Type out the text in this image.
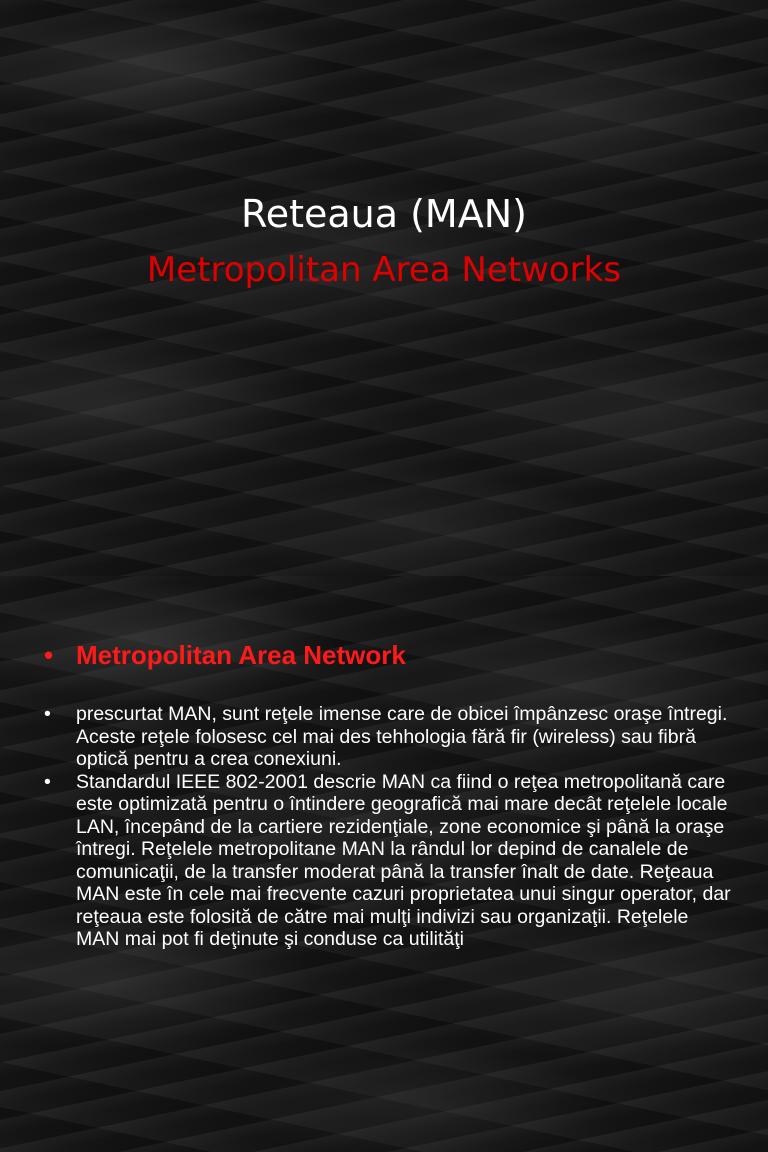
Reteaua (MAN)
Metropolitan Area Networks
• Metropolitan Area Network
• prescurtat MAN, sunt reţele imense care de obicei împânzesc oraşe întregi. Aceste reţele folosesc cel mai des tehhologia fără fir (wireless) sau fibră optică pentru a crea conexiuni.
• Standardul IEEE 802-2001 descrie MAN ca fiind o reţea metropolitană care este optimizată pentru o întindere geografică mai mare decât reţelele locale LAN, începând de la cartiere rezidenţiale, zone economice şi până la oraşe întregi. Reţelele metropolitane MAN la rândul lor depind de canalele de comunicaţii, de la transfer moderat până la transfer înalt de date. Reţeaua MAN este în cele mai frecvente cazuri proprietatea unui singur operator, dar reţeaua este folosită de către mai mulţi indivizi sau organizaţii. Reţelele MAN mai pot fi deţinute şi conduse ca utilităţi
